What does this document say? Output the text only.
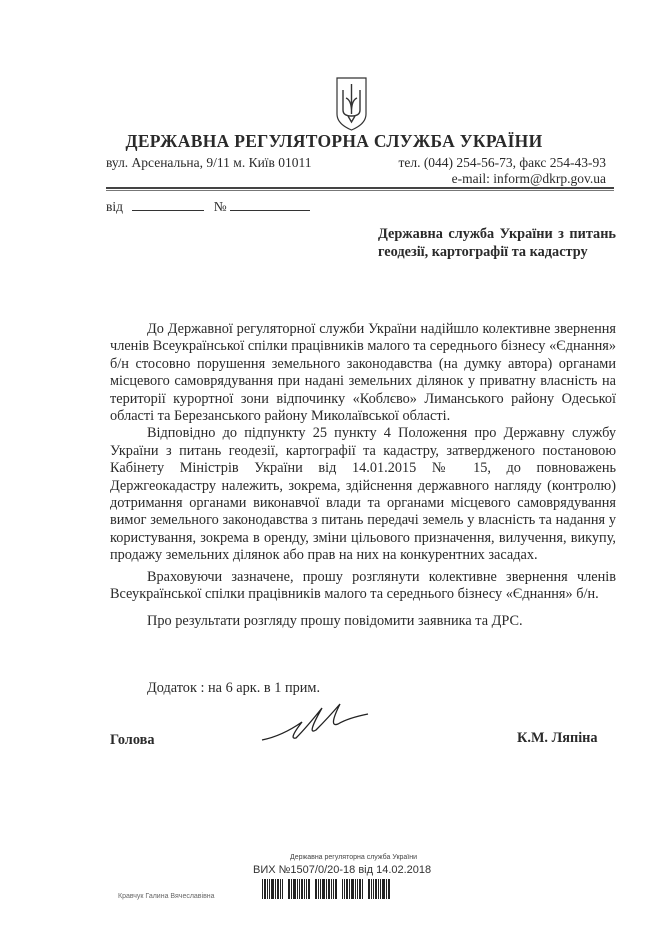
ДЕРЖАВНА РЕГУЛЯТОРНА СЛУЖБА УКРАЇНИ
вул. Арсенальна, 9/11 м. Київ 01011	тел. (044) 254-56-73, факс 254-43-93
e-mail: inform@dkrp.gov.ua
від	№
Державна служба України з питань геодезії, картографії та кадастру

До Державної регуляторної служби України надійшло колективне звернення членів Всеукраїнської спілки працівників малого та середнього бізнесу «Єднання» б/н стосовно порушення земельного законодавства (на думку автора) органами місцевого самоврядування при надані земельних ділянок у приватну власність на території курортної зони відпочинку «Коблєво» Лиманського району Одеської області та Березанського району Миколаївської області.

Відповідно до підпункту 25 пункту 4 Положення про Державну службу України з питань геодезії, картографії та кадастру, затвердженого постановою Кабінету Міністрів України від 14.01.2015 № 15, до повноважень Держгеокадастру належить, зокрема, здійснення державного нагляду (контролю) дотримання органами виконавчої влади та органами місцевого самоврядування вимог земельного законодавства з питань передачі земель у власність та надання у користування, зокрема в оренду, зміни цільового призначення, вилучення, викупу, продажу земельних ділянок або прав на них на конкурентних засадах.

Враховуючи зазначене, прошу розглянути колективне звернення членів Всеукраїнської спілки працівників малого та середнього бізнесу «Єднання» б/н.

Про результати розгляду прошу повідомити заявника та ДРС.

Додаток : на 6 арк. в 1 прим.
Голова	К.М. Ляпіна
Державна регуляторна служба України
ВИХ №1507/0/20-18 від 14.02.2018
Кравчук Галина Вячеславівна
